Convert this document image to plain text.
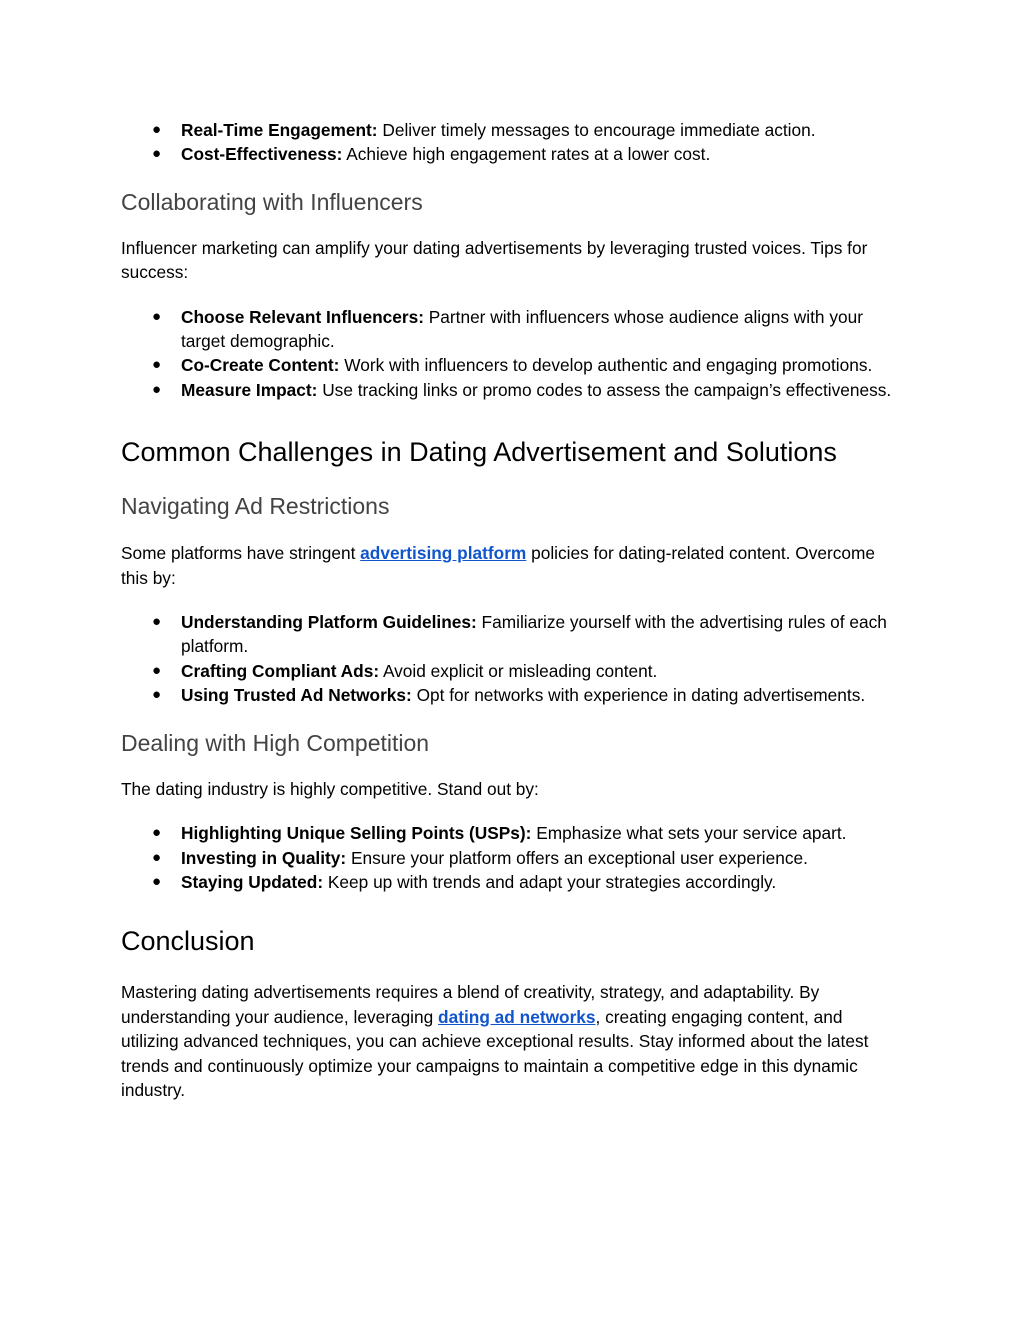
● Real-Time Engagement: Deliver timely messages to encourage immediate action.
● Cost-Effectiveness: Achieve high engagement rates at a lower cost.
Collaborating with Influencers

Influencer marketing can amplify your dating advertisements by leveraging trusted voices. Tips for success:

● Choose Relevant Influencers: Partner with influencers whose audience aligns with your target demographic.
● Co-Create Content: Work with influencers to develop authentic and engaging promotions.
● Measure Impact: Use tracking links or promo codes to assess the campaign’s effectiveness.
Common Challenges in Dating Advertisement and Solutions
Navigating Ad Restrictions

Some platforms have stringent advertising platform policies for dating-related content. Overcome this by:

● Understanding Platform Guidelines: Familiarize yourself with the advertising rules of each platform.
● Crafting Compliant Ads: Avoid explicit or misleading content.
● Using Trusted Ad Networks: Opt for networks with experience in dating advertisements.
Dealing with High Competition

The dating industry is highly competitive. Stand out by:

● Highlighting Unique Selling Points (USPs): Emphasize what sets your service apart.
● Investing in Quality: Ensure your platform offers an exceptional user experience.
● Staying Updated: Keep up with trends and adapt your strategies accordingly.
Conclusion

Mastering dating advertisements requires a blend of creativity, strategy, and adaptability. By understanding your audience, leveraging dating ad networks, creating engaging content, and utilizing advanced techniques, you can achieve exceptional results. Stay informed about the latest trends and continuously optimize your campaigns to maintain a competitive edge in this dynamic industry.
